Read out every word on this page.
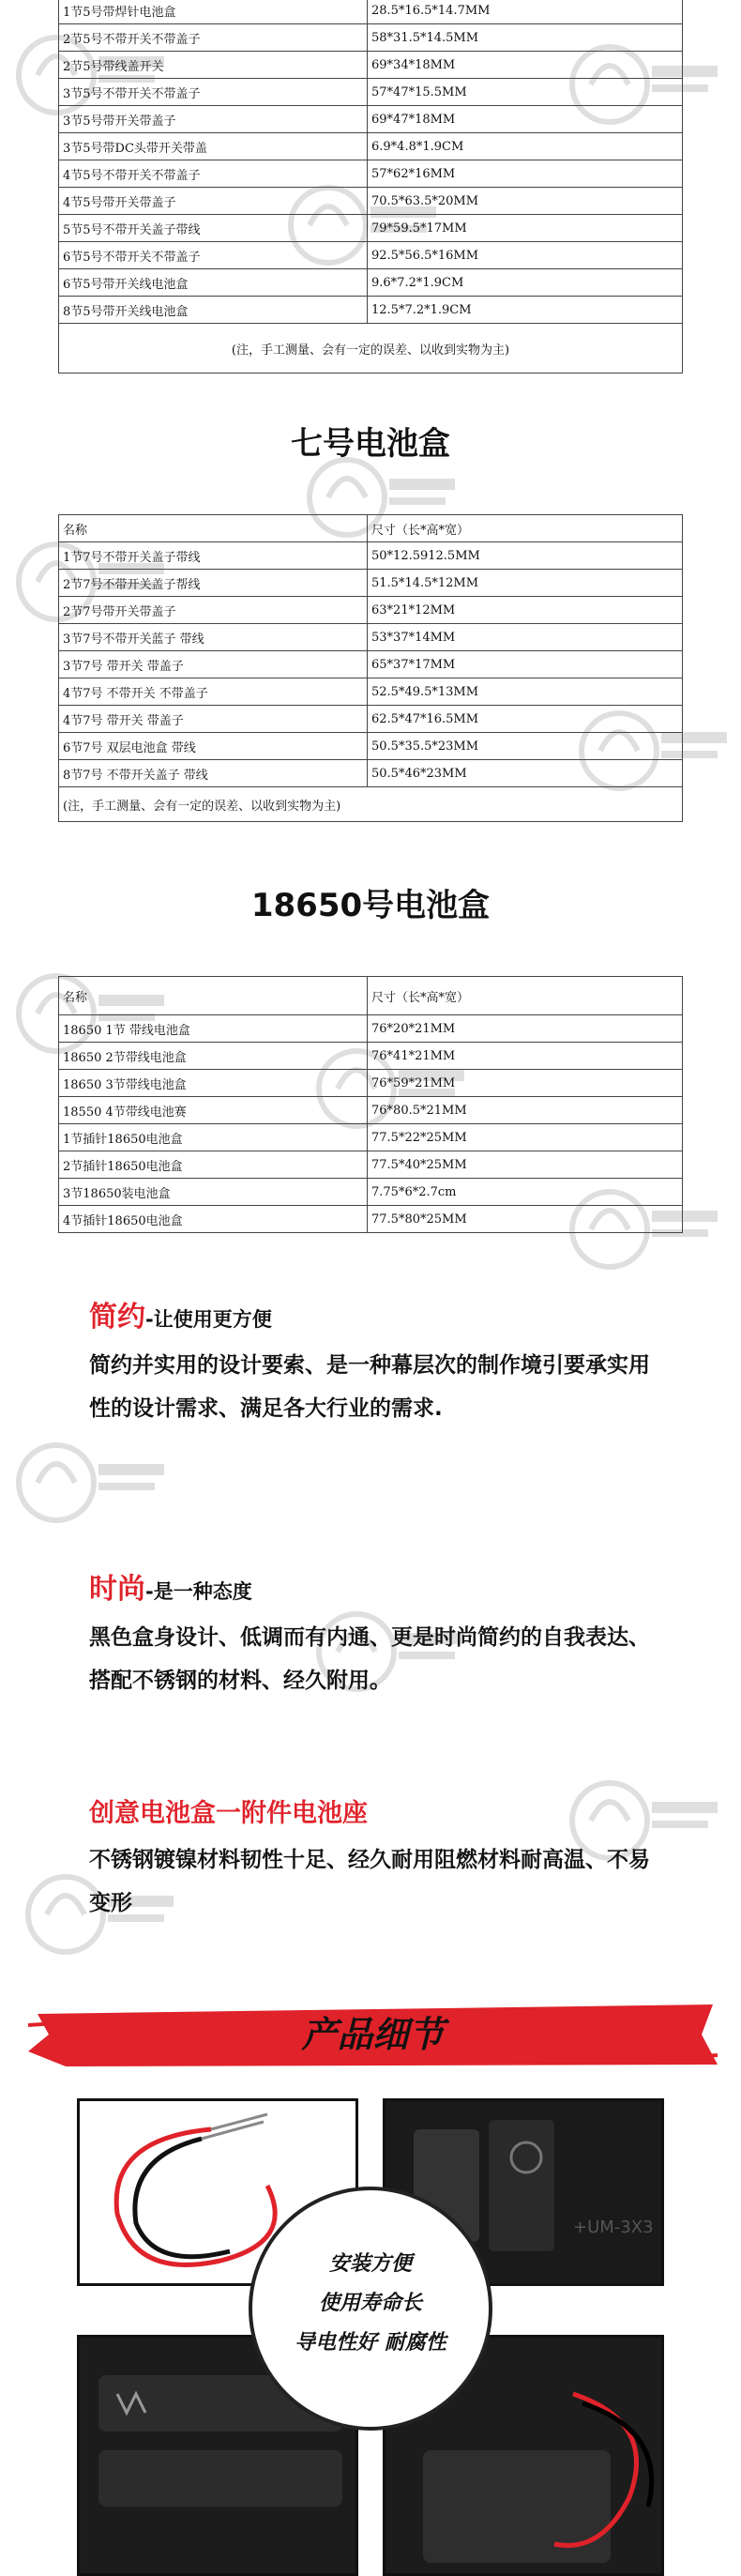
1节5号带焊针电池盒	28.5*16.5*14.7MM
2节5号不带开关不带盖子	58*31.5*14.5MM
2节5号带线盖开关	69*34*18MM
3节5号不带开关不带盖子	57*47*15.5MM
3节5号带开关带盖子	69*47*18MM
3节5号带DC头带开关带盖	6.9*4.8*1.9CM
4节5号不带开关不带盖子	57*62*16MM
4节5号带开关带盖子	70.5*63.5*20MM
5节5号不带开关盖子带线	79*59.5*17MM
6节5号不带开关不带盖子	92.5*56.5*16MM
6节5号带开关线电池盒	9.6*7.2*1.9CM
8节5号带开关线电池盒	12.5*7.2*1.9CM
(注，手工测量、会有一定的误差、以收到实物为主)	
七号电池盒
名称	尺寸（长*高*宽）
1节7号不带开关盖子带线	50*12.5912.5MM
2节7号不带开关盖子帮线	51.5*14.5*12MM
2节7号带开关带盖子	63*21*12MM
3节7号不带开关蓝子 带线	53*37*14MM
3节7号 带开关 带盖子	65*37*17MM
4节7号 不带开关 不带盖子	52.5*49.5*13MM
4节7号 带开关 带盖子	62.5*47*16.5MM
6节7号 双层电池盒 带线	50.5*35.5*23MM
8节7号 不带开关盖子 带线	50.5*46*23MM
(注，手工测量、会有一定的误差、以收到实物为主)	
18650号电池盒
名称	尺寸（长*高*宽）
18650 1节 带线电池盒	76*20*21MM
18650 2节带线电池盒	76*41*21MM
18650 3节带线电池盒	76*59*21MM
18550 4节带线电池赛	76*80.5*21MM
1节插针18650电池盒	77.5*22*25MM
2节插针18650电池盒	77.5*40*25MM
3节18650装电池盒	7.75*6*2.7cm
4节插针18650电池盒	77.5*80*25MM
简约-让使用更方便
简约并实用的设计要索、是一种幕层次的制作境引要承实用性的设计需求、满足各大行业的需求.
时尚-是一种态度
黑色盒身设计、低调而有内通、更是时尚简约的自我表达、搭配不锈钢的材料、经久附用。
创意电池盒一附件电池座
不锈钢镀镍材料韧性十足、经久耐用阻燃材料耐高温、不易变形
产品细节
+UM-3X3
安装方便
使用寿命长
导电性好 耐腐性
